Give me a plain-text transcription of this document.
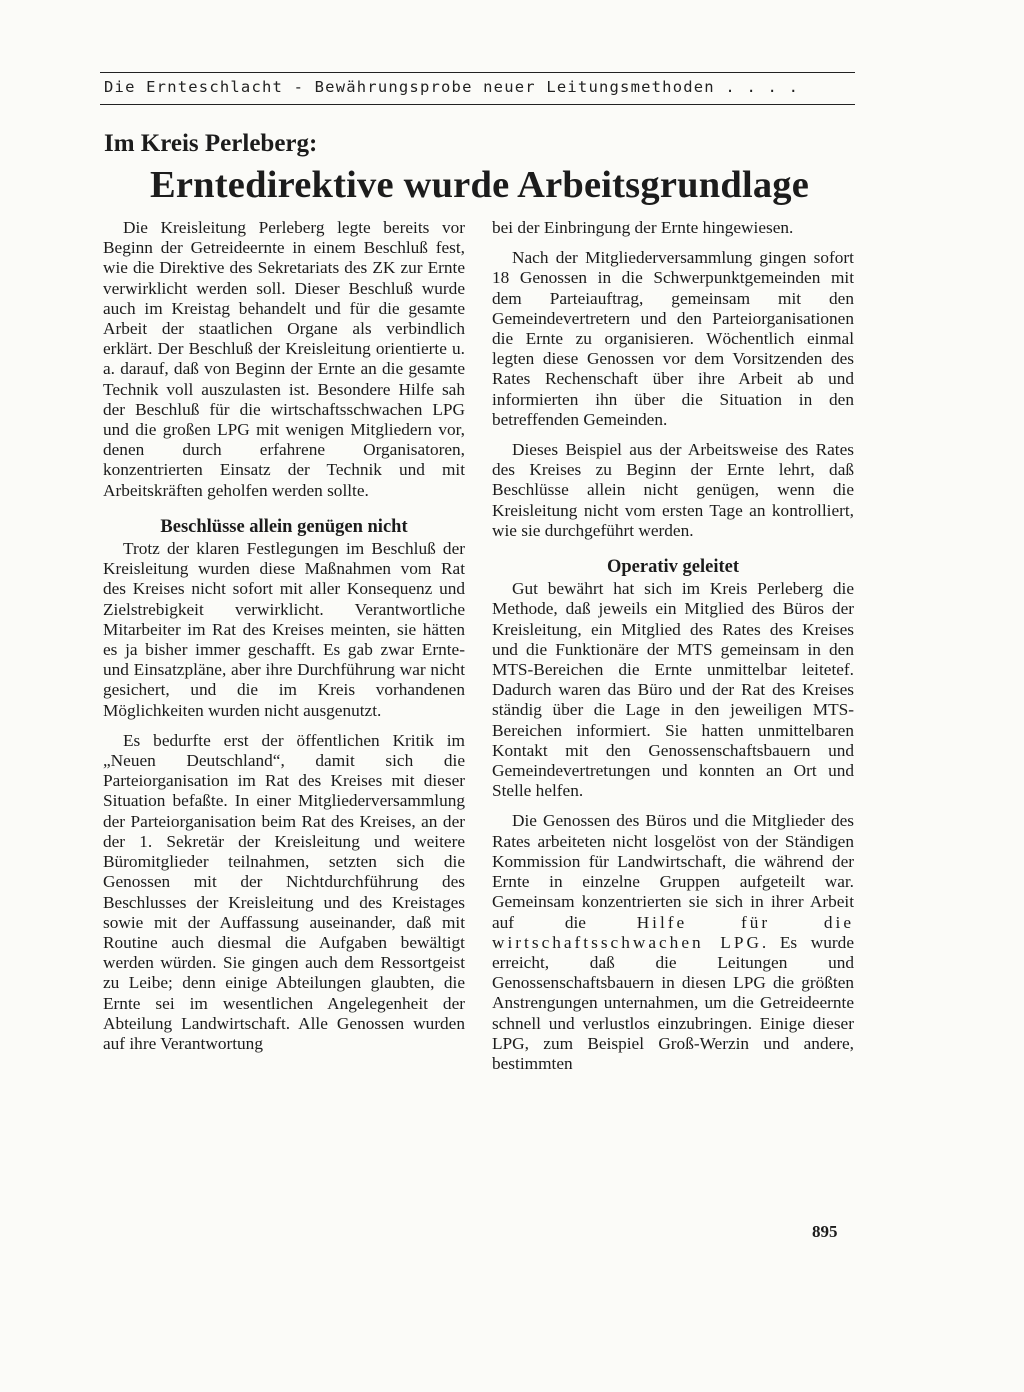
Die Ernteschlacht - Bewährungsprobe neuer Leitungsmethoden . . . .
Im Kreis Perleberg:
Erntedirektive wurde Arbeitsgrundlage

Die Kreisleitung Perleberg legte bereits vor Beginn der Getreideernte in einem Beschluß fest, wie die Direktive des Sekretariats des ZK zur Ernte verwirklicht werden soll. Dieser Beschluß wurde auch im Kreistag behandelt und für die gesamte Arbeit der staatlichen Organe als verbindlich erklärt. Der Beschluß der Kreisleitung orientierte u. a. darauf, daß von Beginn der Ernte an die gesamte Technik voll auszulasten ist. Besondere Hilfe sah der Beschluß für die wirtschaftsschwachen LPG und die großen LPG mit wenigen Mitgliedern vor, denen durch erfahrene Organisatoren, konzentrierten Einsatz der Technik und mit Arbeitskräften geholfen werden sollte.

Beschlüsse allein genügen nicht

Trotz der klaren Festlegungen im Beschluß der Kreisleitung wurden diese Maßnahmen vom Rat des Kreises nicht sofort mit aller Konsequenz und Zielstrebigkeit verwirklicht. Verantwortliche Mitarbeiter im Rat des Kreises meinten, sie hätten es ja bisher immer geschafft. Es gab zwar Ernte- und Einsatzpläne, aber ihre Durchführung war nicht gesichert, und die im Kreis vorhandenen Möglichkeiten wurden nicht ausgenutzt.

Es bedurfte erst der öffentlichen Kritik im „Neuen Deutschland“, damit sich die Parteiorganisation im Rat des Kreises mit dieser Situation befaßte. In einer Mitgliederversammlung der Parteiorganisation beim Rat des Kreises, an der der 1. Sekretär der Kreisleitung und weitere Büromitglieder teilnahmen, setzten sich die Genossen mit der Nichtdurchführung des Beschlusses der Kreisleitung und des Kreistages sowie mit der Auffassung auseinander, daß mit Routine auch diesmal die Aufgaben bewältigt werden würden. Sie gingen auch dem Ressortgeist zu Leibe; denn einige Abteilungen glaubten, die Ernte sei im wesentlichen Angelegenheit der Abteilung Landwirtschaft. Alle Genossen wurden auf ihre Verantwortung

bei der Einbringung der Ernte hingewiesen.

Nach der Mitgliederversammlung gingen sofort 18 Genossen in die Schwerpunktgemeinden mit dem Parteiauftrag, gemeinsam mit den Gemeindevertretern und den Parteiorganisationen die Ernte zu organisieren. Wöchentlich einmal legten diese Genossen vor dem Vorsitzenden des Rates Rechenschaft über ihre Arbeit ab und informierten ihn über die Situation in den betreffenden Gemeinden.

Dieses Beispiel aus der Arbeitsweise des Rates des Kreises zu Beginn der Ernte lehrt, daß Beschlüsse allein nicht genügen, wenn die Kreisleitung nicht vom ersten Tage an kontrolliert, wie sie durchgeführt werden.

Operativ geleitet

Gut bewährt hat sich im Kreis Perleberg die Methode, daß jeweils ein Mitglied des Büros der Kreisleitung, ein Mitglied des Rates des Kreises und die Funktionäre der MTS gemeinsam in den MTS-Bereichen die Ernte unmittelbar leitetef. Dadurch waren das Büro und der Rat des Kreises ständig über die Lage in den jeweiligen MTS-Bereichen informiert. Sie hatten unmittelbaren Kontakt mit den Genossenschaftsbauern und Gemeindevertretungen und konnten an Ort und Stelle helfen.

Die Genossen des Büros und die Mitglieder des Rates arbeiteten nicht losgelöst von der Ständigen Kommission für Landwirtschaft, die während der Ernte in einzelne Gruppen aufgeteilt war. Gemeinsam konzentrierten sie sich in ihrer Arbeit auf die Hilfe für die wirtschaftsschwachen LPG. Es wurde erreicht, daß die Leitungen und Genossenschaftsbauern in diesen LPG die größten Anstrengungen unternahmen, um die Getreideernte schnell und verlustlos einzubringen. Einige dieser LPG, zum Beispiel Groß-Werzin und andere, bestimmten

895
